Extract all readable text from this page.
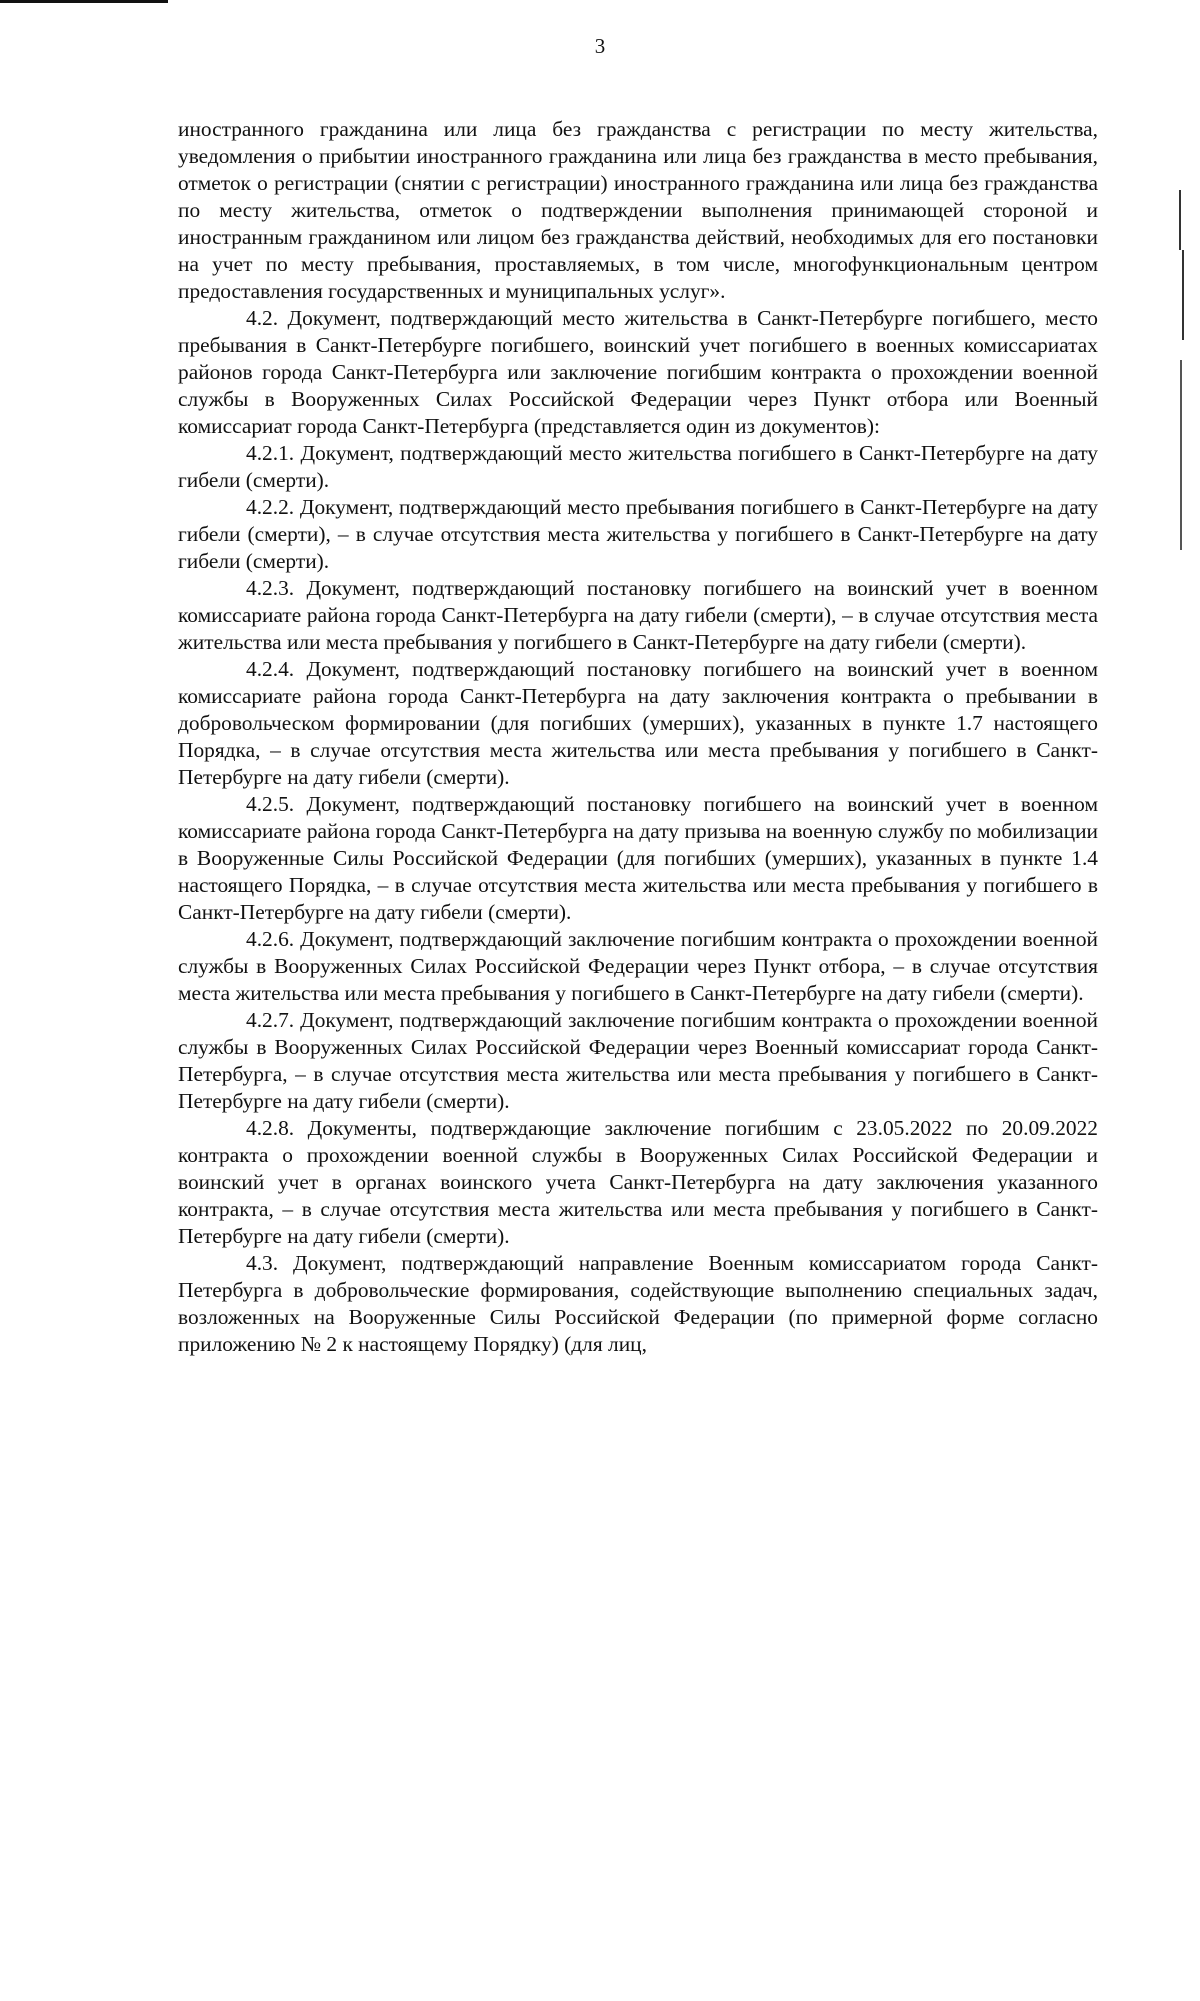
3

иностранного гражданина или лица без гражданства с регистрации по месту жительства, уведомления о прибытии иностранного гражданина или лица без гражданства в место пребывания, отметок о регистрации (снятии с регистрации) иностранного гражданина или лица без гражданства по месту жительства, отметок о подтверждении выполнения принимающей стороной и иностранным гражданином или лицом без гражданства действий, необходимых для его постановки на учет по месту пребывания, проставляемых, в том числе, многофункциональным центром предоставления государственных и муниципальных услуг».

4.2. Документ, подтверждающий место жительства в Санкт-Петербурге погибшего, место пребывания в Санкт-Петербурге погибшего, воинский учет погибшего в военных комиссариатах районов города Санкт-Петербурга или заключение погибшим контракта о прохождении военной службы в Вооруженных Силах Российской Федерации через Пункт отбора или Военный комиссариат города Санкт-Петербурга (представляется один из документов):

4.2.1. Документ, подтверждающий место жительства погибшего в Санкт-Петербурге на дату гибели (смерти).

4.2.2. Документ, подтверждающий место пребывания погибшего в Санкт-Петербурге на дату гибели (смерти), – в случае отсутствия места жительства у погибшего в Санкт-Петербурге на дату гибели (смерти).

4.2.3. Документ, подтверждающий постановку погибшего на воинский учет в военном комиссариате района города Санкт-Петербурга на дату гибели (смерти), – в случае отсутствия места жительства или места пребывания у погибшего в Санкт-Петербурге на дату гибели (смерти).

4.2.4. Документ, подтверждающий постановку погибшего на воинский учет в военном комиссариате района города Санкт-Петербурга на дату заключения контракта о пребывании в добровольческом формировании (для погибших (умерших), указанных в пункте 1.7 настоящего Порядка, – в случае отсутствия места жительства или места пребывания у погибшего в Санкт-Петербурге на дату гибели (смерти).

4.2.5. Документ, подтверждающий постановку погибшего на воинский учет в военном комиссариате района города Санкт-Петербурга на дату призыва на военную службу по мобилизации в Вооруженные Силы Российской Федерации (для погибших (умерших), указанных в пункте 1.4 настоящего Порядка, – в случае отсутствия места жительства или места пребывания у погибшего в Санкт-Петербурге на дату гибели (смерти).

4.2.6. Документ, подтверждающий заключение погибшим контракта о прохождении военной службы в Вооруженных Силах Российской Федерации через Пункт отбора, – в случае отсутствия места жительства или места пребывания у погибшего в Санкт-Петербурге на дату гибели (смерти).

4.2.7. Документ, подтверждающий заключение погибшим контракта о прохождении военной службы в Вооруженных Силах Российской Федерации через Военный комиссариат города Санкт-Петербурга, – в случае отсутствия места жительства или места пребывания у погибшего в Санкт-Петербурге на дату гибели (смерти).

4.2.8. Документы, подтверждающие заключение погибшим с 23.05.2022 по 20.09.2022 контракта о прохождении военной службы в Вооруженных Силах Российской Федерации и воинский учет в органах воинского учета Санкт-Петербурга на дату заключения указанного контракта, – в случае отсутствия места жительства или места пребывания у погибшего в Санкт-Петербурге на дату гибели (смерти).

4.3. Документ, подтверждающий направление Военным комиссариатом города Санкт-Петербурга в добровольческие формирования, содействующие выполнению специальных задач, возложенных на Вооруженные Силы Российской Федерации (по примерной форме согласно приложению № 2 к настоящему Порядку) (для лиц,
